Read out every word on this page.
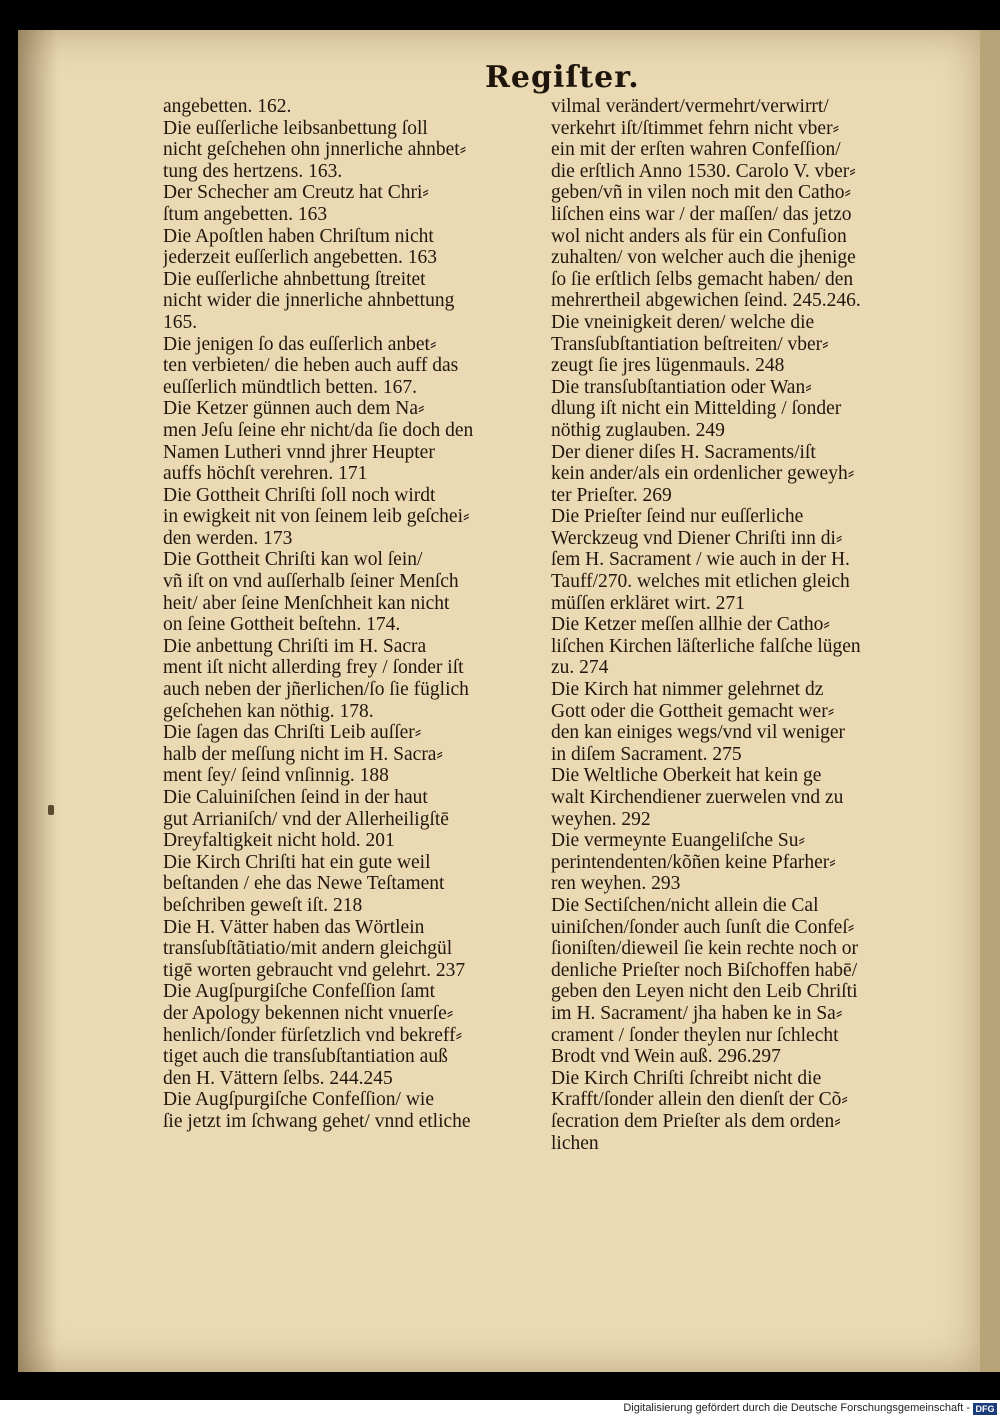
Regiſter.
angebetten. 162.
Die euſſerliche leibsanbettung ſoll
nicht geſchehen ohn jnnerliche ahnbet⸗
tung des hertzens. 163.
Der Schecher am Creutz hat Chri⸗
ſtum angebetten. 163
Die Apoſtlen haben Chriſtum nicht
jederzeit euſſerlich angebetten. 163
Die euſſerliche ahnbettung ſtreitet
nicht wider die jnnerliche ahnbettung
165.
Die jenigen ſo das euſſerlich anbet⸗
ten verbieten/ die heben auch auff das
euſſerlich mündtlich betten. 167.
Die Ketzer günnen auch dem Na⸗
men Jeſu ſeine ehr nicht/da ſie doch den
Namen Lutheri vnnd jhrer Heupter
auffs höchſt verehren. 171
Die Gottheit Chriſti ſoll noch wirdt
in ewigkeit nit von ſeinem leib geſchei⸗
den werden. 173
Die Gottheit Chriſti kan wol ſein/
vñ iſt on vnd auſſerhalb ſeiner Menſch
heit/ aber ſeine Menſchheit kan nicht
on ſeine Gottheit beſtehn. 174.
Die anbettung Chriſti im H. Sacra
ment iſt nicht allerding frey / ſonder iſt
auch neben der jñerlichen/ſo ſie füglich
geſchehen kan nöthig. 178.
Die ſagen das Chriſti Leib auſſer⸗
halb der meſſung nicht im H. Sacra⸗
ment ſey/ ſeind vnſinnig. 188
Die Caluiniſchen ſeind in der haut
gut Arrianiſch/ vnd der Allerheiligſtē
Dreyfaltigkeit nicht hold. 201
Die Kirch Chriſti hat ein gute weil
beſtanden / ehe das Newe Teſtament
beſchriben geweſt iſt. 218
Die H. Vätter haben das Wörtlein
transſubſtãtiatio/mit andern gleichgül
tigē worten gebraucht vnd gelehrt. 237
Die Augſpurgiſche Confeſſion ſamt
der Apology bekennen nicht vnuerſe⸗
henlich/ſonder fürſetzlich vnd bekreff⸗
tiget auch die transſubſtantiation auß
den H. Vättern ſelbs. 244.245
Die Augſpurgiſche Confeſſion/ wie
ſie jetzt im ſchwang gehet/ vnnd etliche
vilmal verändert/vermehrt/verwirrt/
verkehrt iſt/ſtimmet fehrn nicht vber⸗
ein mit der erſten wahren Confeſſion/
die erſtlich Anno 1530. Carolo V. vber⸗
geben/vñ in vilen noch mit den Catho⸗
liſchen eins war / der maſſen/ das jetzo
wol nicht anders als für ein Confuſion
zuhalten/ von welcher auch die jhenige
ſo ſie erſtlich ſelbs gemacht haben/ den
mehrertheil abgewichen ſeind. 245.246.
Die vneinigkeit deren/ welche die
Transſubſtantiation beſtreiten/ vber⸗
zeugt ſie jres lügenmauls. 248
Die transſubſtantiation oder Wan⸗
dlung iſt nicht ein Mittelding / ſonder
nöthig zuglauben. 249
Der diener diſes H. Sacraments/iſt
kein ander/als ein ordenlicher geweyh⸗
ter Prieſter. 269
Die Prieſter ſeind nur euſſerliche
Werckzeug vnd Diener Chriſti inn di⸗
ſem H. Sacrament / wie auch in der H.
Tauff/270. welches mit etlichen gleich
müſſen erkläret wirt. 271
Die Ketzer meſſen allhie der Catho⸗
liſchen Kirchen läſterliche falſche lügen
zu. 274
Die Kirch hat nimmer gelehrnet dz
Gott oder die Gottheit gemacht wer⸗
den kan einiges wegs/vnd vil weniger
in diſem Sacrament. 275
Die Weltliche Oberkeit hat kein ge
walt Kirchendiener zuerwelen vnd zu
weyhen. 292
Die vermeynte Euangeliſche Su⸗
perintendenten/kõñen keine Pfarher⸗
ren weyhen. 293
Die Sectiſchen/nicht allein die Cal
uiniſchen/ſonder auch ſunſt die Confeſ⸗
ſioniſten/dieweil ſie kein rechte noch or
denliche Prieſter noch Biſchoffen habē/
geben den Leyen nicht den Leib Chriſti
im H. Sacrament/ jha haben ke in Sa⸗
crament / ſonder theylen nur ſchlecht
Brodt vnd Wein auß. 296.297
Die Kirch Chriſti ſchreibt nicht die
Krafft/ſonder allein den dienſt der Cõ⸗
ſecration dem Prieſter als dem orden⸗
lichen
Digitalisierung gefördert durch die Deutsche Forschungsgemeinschaft - DFG
